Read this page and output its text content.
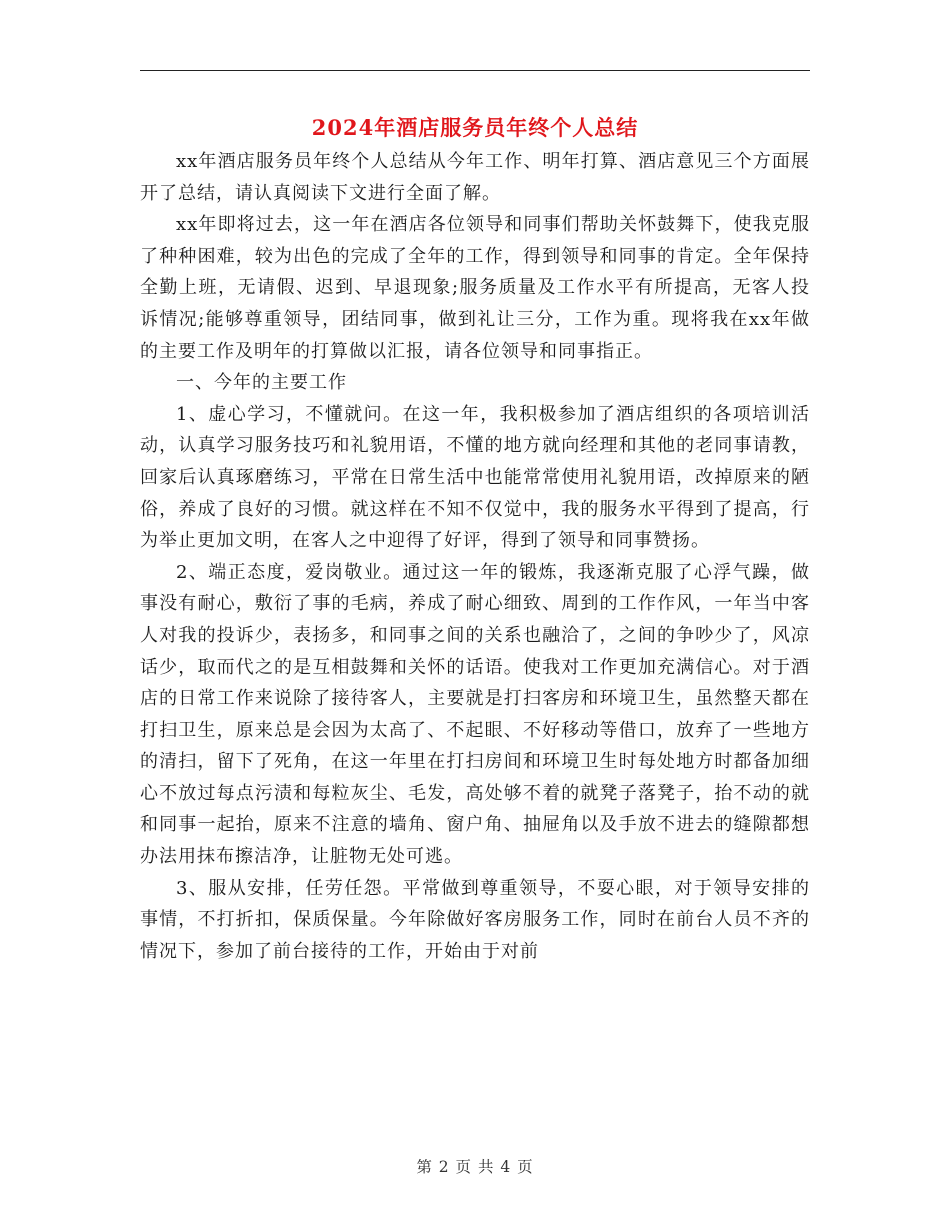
2024年酒店服务员年终个人总结

xx年酒店服务员年终个人总结从今年工作、明年打算、酒店意见三个方面展开了总结，请认真阅读下文进行全面了解。

xx年即将过去，这一年在酒店各位领导和同事们帮助关怀鼓舞下，使我克服了种种困难，较为出色的完成了全年的工作，得到领导和同事的肯定。全年保持全勤上班，无请假、迟到、早退现象;服务质量及工作水平有所提高，无客人投诉情况;能够尊重领导，团结同事，做到礼让三分，工作为重。现将我在xx年做的主要工作及明年的打算做以汇报，请各位领导和同事指正。

一、今年的主要工作

1、虚心学习，不懂就问。在这一年，我积极参加了酒店组织的各项培训活动，认真学习服务技巧和礼貌用语，不懂的地方就向经理和其他的老同事请教，回家后认真琢磨练习，平常在日常生活中也能常常使用礼貌用语，改掉原来的陋俗，养成了良好的习惯。就这样在不知不仅觉中，我的服务水平得到了提高，行为举止更加文明，在客人之中迎得了好评，得到了领导和同事赞扬。

2、端正态度，爱岗敬业。通过这一年的锻炼，我逐渐克服了心浮气躁，做事没有耐心，敷衍了事的毛病，养成了耐心细致、周到的工作作风，一年当中客人对我的投诉少，表扬多，和同事之间的关系也融洽了，之间的争吵少了，风凉话少，取而代之的是互相鼓舞和关怀的话语。使我对工作更加充满信心。对于酒店的日常工作来说除了接待客人，主要就是打扫客房和环境卫生，虽然整天都在打扫卫生，原来总是会因为太高了、不起眼、不好移动等借口，放弃了一些地方的清扫，留下了死角，在这一年里在打扫房间和环境卫生时每处地方时都备加细心不放过每点污渍和每粒灰尘、毛发，高处够不着的就凳子落凳子，抬不动的就和同事一起抬，原来不注意的墙角、窗户角、抽屉角以及手放不进去的缝隙都想办法用抹布擦洁净，让脏物无处可逃。

3、服从安排，任劳任怨。平常做到尊重领导，不耍心眼，对于领导安排的事情，不打折扣，保质保量。今年除做好客房服务工作，同时在前台人员不齐的情况下，参加了前台接待的工作，开始由于对前

第 2 页 共 4 页
